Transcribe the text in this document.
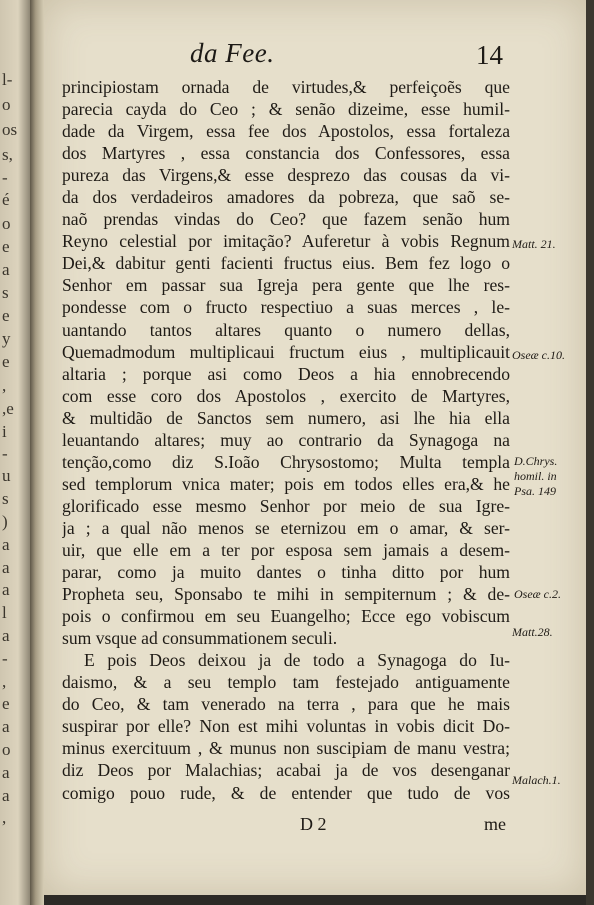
l-
o
os
s,
-
é
o
e
a
s
e
y
e
,
,e
i
-
u
s
)
a
a
a
l
a
-
,
e
a
o
a
a
,
da Fee.	14
principiostam ornada de virtudes,& perfeiçoẽs que
parecia cayda do Ceo ; & senão dizeime, esse humil-
dade da Virgem, essa fee dos Apostolos, essa fortaleza
dos Martyres , essa constancia dos Confessores, essa
pureza das Virgens,& esse desprezo das cousas da vi-
da dos verdadeiros amadores da pobreza, que saõ se-
naõ prendas vindas do Ceo? que fazem senão hum
Reyno celestial por imitação? Auferetur à vobis Regnum
Dei,& dabitur genti facienti fructus eius. Bem fez logo o
Senhor em passar sua Igreja pera gente que lhe res-
pondesse com o fructo respectiuo a suas merces , le-
uantando tantos altares quanto o numero dellas,
Quemadmodum multiplicaui fructum eius , multiplicauit
altaria ; porque asi como Deos a hia ennobrecendo
com esse coro dos Apostolos , exercito de Martyres,
& multidão de Sanctos sem numero, asi lhe hia ella
leuantando altares; muy ao contrario da Synagoga na
tenção,como diz S.Ioão Chrysostomo; Multa templa
sed templorum vnica mater; pois em todos elles era,& he
glorificado esse mesmo Senhor por meio de sua Igre-
ja ; a qual não menos se eternizou em o amar, & ser-
uir, que elle em a ter por esposa sem jamais a desem-
parar, como ja muito dantes o tinha ditto por hum
Propheta seu, Sponsabo te mihi in sempiternum ; & de-
pois o confirmou em seu Euangelho; Ecce ego vobiscum
sum vsque ad consummationem seculi.
E pois Deos deixou ja de todo a Synagoga do Iu-
daismo, & a seu templo tam festejado antiguamente
do Ceo, & tam venerado na terra , para que he mais
suspirar por elle? Non est mihi voluntas in vobis dicit Do-
minus exercituum , & munus non suscipiam de manu vestra;
diz Deos por Malachias; acabai ja de vos desenganar
comigo pouo rude, & de entender que tudo de vos
Matt. 21.
Oseæ c.10.
D.Chrys. homil. in Psa. 149
Oseæ c.2.
Matt.28.
Malach.1.
D 2	me
